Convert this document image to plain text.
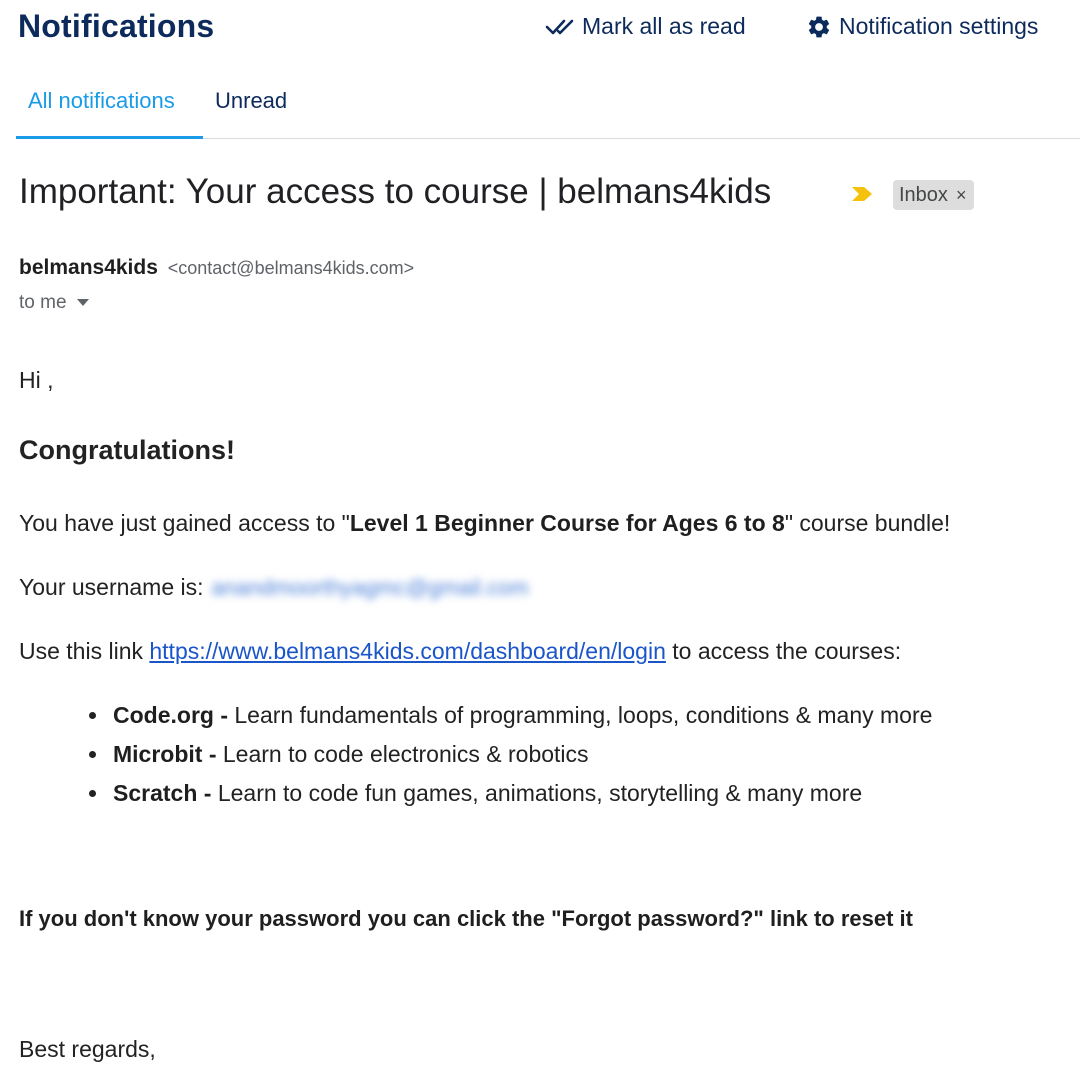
Notifications	Mark all as read	Notification settings
All notifications Unread
Important: Your access to course | belmans4kids	Inbox ×
belmans4kids <contact@belmans4kids.com>
to me
Hi ,
Congratulations!
You have just gained access to "Level 1 Beginner Course for Ages 6 to 8" course bundle!
Your username is: anandmoorthyagmc@gmail.com
Use this link https://www.belmans4kids.com/dashboard/en/login to access the courses:
Code.org - Learn fundamentals of programming, loops, conditions & many more
Microbit - Learn to code electronics & robotics
Scratch - Learn to code fun games, animations, storytelling & many more
If you don't know your password you can click the "Forgot password?" link to reset it
Best regards,
